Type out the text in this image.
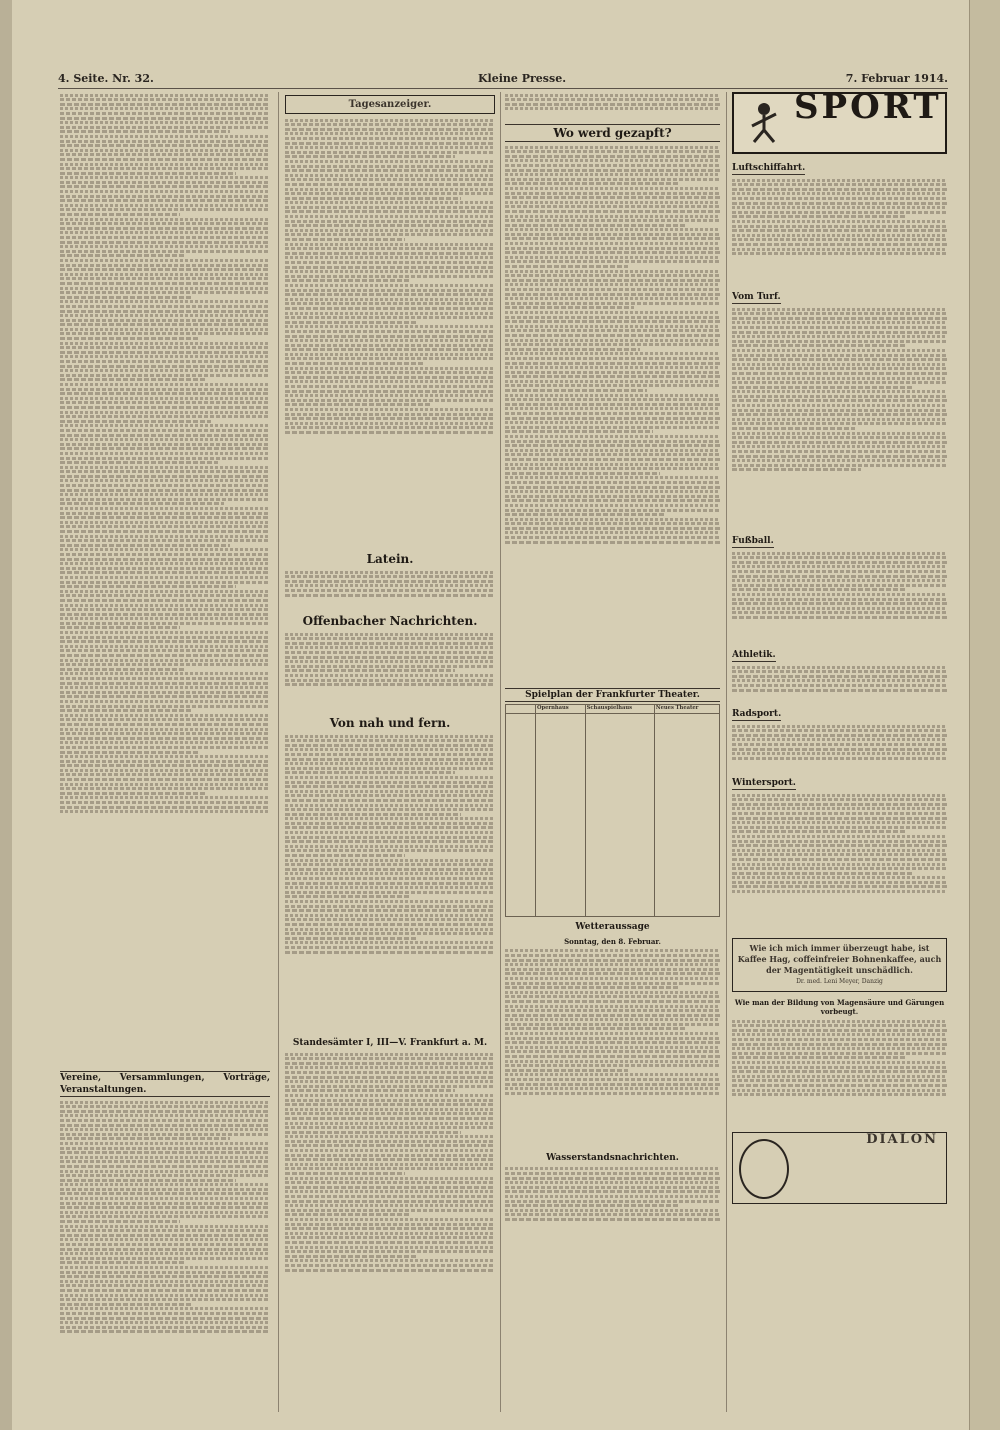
4. Seite. Nr. 32.	Kleine Presse.	7. Februar 1914.
Vereine, Versammlungen, Vorträge, Veranstaltungen.
Tagesanzeiger.
Latein.
Offenbacher Nachrichten.
Von nah und fern.
Standesämter I, III—V. Frankfurt a. M.
Wo werd gezapft?
Spielplan der Frankfurter Theater.
	Opernhaus	Schauspielhaus	Neues Theater

Wetteraussage
Sonntag, den 8. Februar.
Wasserstandsnachrichten.
SPORT
Luftschiffahrt.
Vom Turf.
Fußball.
Athletik.
Radsport.
Wintersport.
Wie ich mich immer überzeugt habe, ist Kaffee Hag, coffeinfreier Bohnenkaffee, auch der Magentätigkeit unschädlich.
Dr. med. Leni Meyer, Danzig
Wie man der Bildung von Magensäure und Gärungen vorbeugt.
DIALON
